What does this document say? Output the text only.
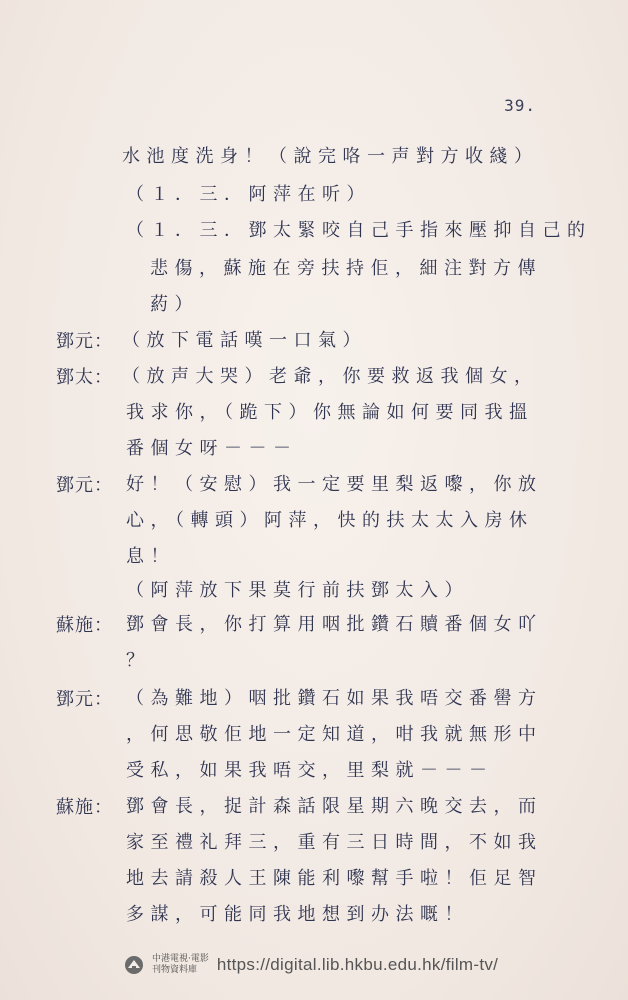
39.
水池度洗身！（說完咯一声對方收綫）
（１．三．阿萍在听）
（１．三．鄧太緊咬自己手指來壓抑自己的
悲傷，蘇施在旁扶持佢，細注對方傳
葯）
鄧元： （放下電話嘆一口氣）
鄧太： （放声大哭）老爺，你要救返我個女，
我求你，（跪下）你無論如何要同我搵
番個女呀－－－
鄧元： 好！（安慰）我一定要里梨返嚟，你放
心，（轉頭）阿萍，快的扶太太入房休
息！
（阿萍放下果莫行前扶鄧太入）
蘇施： 鄧會長，你打算用咽批鑽石贖番個女吖
？
鄧元： （為難地）咽批鑽石如果我唔交番嚳方
，何思敬佢地一定知道，咁我就無形中
受私，如果我唔交，里梨就－－－
蘇施： 鄧會長，捉計森話限星期六晚交去，而
家至禮礼拜三，重有三日時間，不如我
地去請殺人王陳能利嚟幫手啦！佢足智
多謀，可能同我地想到办法嘅！
中港電視‧電影
刊物資料庫	https://digital.lib.hkbu.edu.hk/film-tv/
